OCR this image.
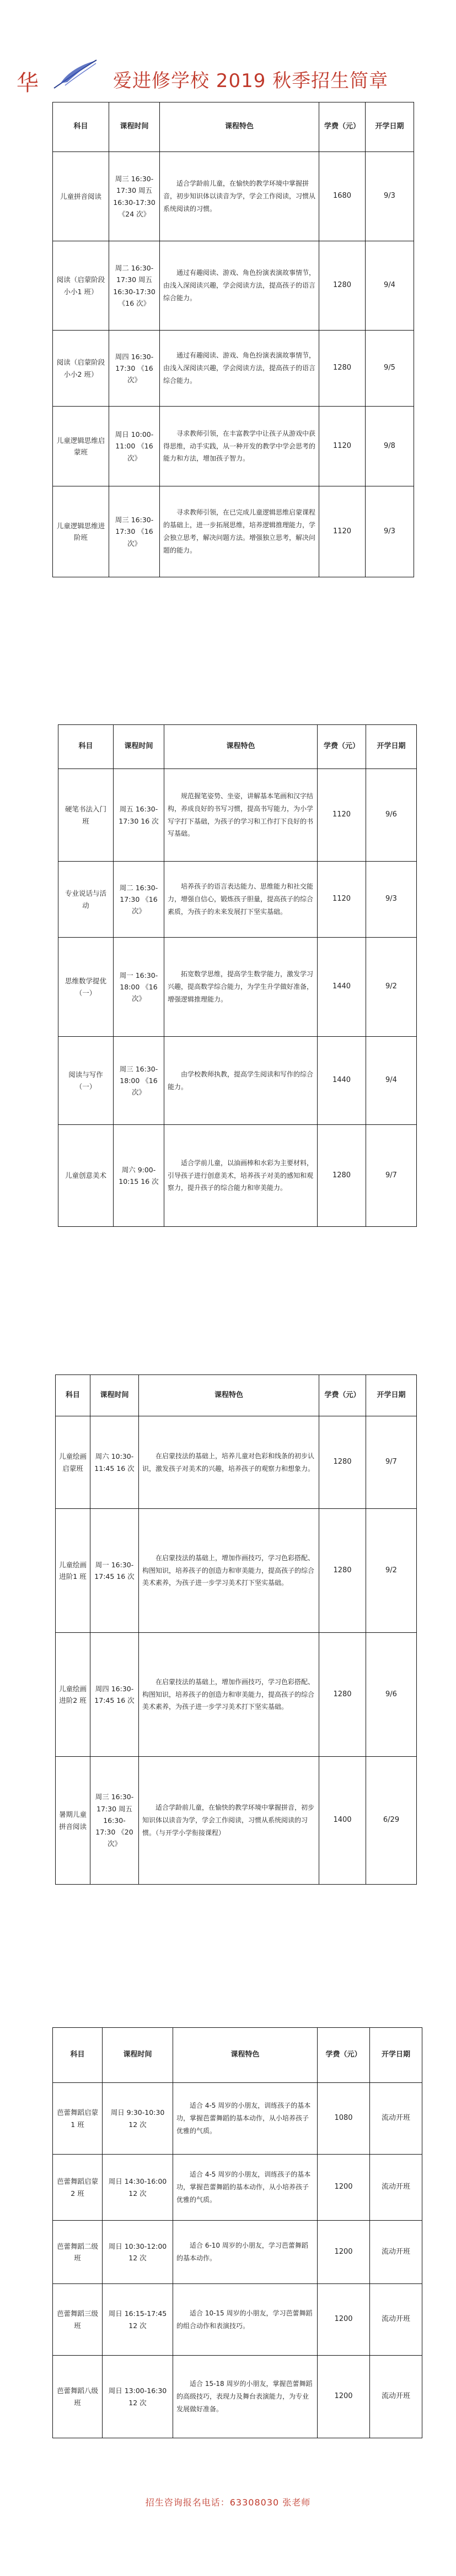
华	爱进修学校 2019 秋季招生简章
科目	课程时间	课程特色	学费（元）	开学日期
儿童拼音阅读	周三 16:30-17:30 周五 16:30-17:30 《24 次》	适合学龄前儿童，在愉快的教学环境中掌握拼音，初步知识体以读音为学，学会工作阅读，习惯从系统阅读的习惯。	1680	9/3
阅读（启蒙阶段小小1 班）	周二 16:30-17:30 周五 16:30-17:30 《16 次》	通过有趣阅读、游戏、角色扮演表演故事情节，由浅入深阅读兴趣，学会阅读方法，提高孩子的语言综合能力。	1280	9/4
阅读（启蒙阶段小小2 班）	周四 16:30-17:30 《16 次》	通过有趣阅读、游戏、角色扮演表演故事情节，由浅入深阅读兴趣，学会阅读方法，提高孩子的语言综合能力。	1280	9/5
儿童逻辑思维启蒙班	周日 10:00-11:00 《16 次》	寻求教师引领，在丰富教学中让孩子从游戏中获得思维，动手实践，从一种开发的教学中学会思考的能力和方法，增加孩子智力。	1120	9/8
儿童逻辑思维进阶班	周三 16:30-17:30 《16 次》	寻求教师引领，在已完成儿童逻辑思维启蒙课程的基础上，进一步拓展思维，培养逻辑推理能力，学会独立思考，解决问题方法。增强独立思考，解决问题的能力。	1120	9/3
科目	课程时间	课程特色	学费（元）	开学日期
硬笔书法入门班	周五 16:30-17:30 16 次	规范握笔姿势、坐姿，讲解基本笔画和汉字结构，养成良好的书写习惯，提高书写能力，为小学写字打下基础，为孩子的学习和工作打下良好的书写基础。	1120	9/6
专业说话与活动	周二 16:30-17:30 《16 次》	培养孩子的语言表达能力、思维能力和社交能力，增强自信心，锻炼孩子胆量，提高孩子的综合素质，为孩子的未来发展打下坚实基础。	1120	9/3
思维数学提优（一）	周一 16:30-18:00 《16 次》	拓宽数学思维，提高学生数学能力，激发学习兴趣，提高数学综合能力，为学生升学做好准备，增强逻辑推理能力。	1440	9/2
阅读与写作（一）	周三 16:30-18:00 《16 次》	由学校教师执教，提高学生阅读和写作的综合能力。	1440	9/4
儿童创意美术	周六 9:00-10:15 16 次	适合学前儿童，以油画棒和水彩为主要材料，引导孩子进行创意美术，培养孩子对美的感知和观察力，提升孩子的综合能力和审美能力。	1280	9/7
科目	课程时间	课程特色	学费（元）	开学日期
儿童绘画启蒙班	周六 10:30-11:45 16 次	在启蒙技法的基础上，培养儿童对色彩和线条的初步认识，激发孩子对美术的兴趣，培养孩子的观察力和想象力。	1280	9/7
儿童绘画进阶1 班	周一 16:30-17:45 16 次	在启蒙技法的基础上，增加作画技巧，学习色彩搭配、构图知识，培养孩子的创造力和审美能力，提高孩子的综合美术素养，为孩子进一步学习美术打下坚实基础。	1280	9/2
儿童绘画进阶2 班	周四 16:30-17:45 16 次	在启蒙技法的基础上，增加作画技巧，学习色彩搭配、构图知识，培养孩子的创造力和审美能力，提高孩子的综合美术素养，为孩子进一步学习美术打下坚实基础。	1280	9/6
暑期儿童拼音阅读	周三 16:30-17:30 周五 16:30-17:30 《20 次》	适合学龄前儿童，在愉快的教学环境中掌握拼音，初步知识体以读音为学，学会工作阅读，习惯从系统阅读的习惯。（与开学小学衔接课程）	1400	6/29
科目	课程时间	课程特色	学费（元）	开学日期
芭蕾舞蹈启蒙1 班	周日 9:30-10:30 12 次	适合 4-5 周岁的小朋友，训练孩子的基本功，掌握芭蕾舞蹈的基本动作，从小培养孩子优雅的气质。	1080	流动开班
芭蕾舞蹈启蒙2 班	周日 14:30-16:00 12 次	适合 4-5 周岁的小朋友，训练孩子的基本功，掌握芭蕾舞蹈的基本动作，从小培养孩子优雅的气质。	1200	流动开班
芭蕾舞蹈二级班	周日 10:30-12:00 12 次	适合 6-10 周岁的小朋友，学习芭蕾舞蹈的基本动作。	1200	流动开班
芭蕾舞蹈三级班	周日 16:15-17:45 12 次	适合 10-15 周岁的小朋友，学习芭蕾舞蹈的组合动作和表演技巧。	1200	流动开班
芭蕾舞蹈八级班	周日 13:00-16:30 12 次	适合 15-18 周岁的小朋友，掌握芭蕾舞蹈的高级技巧，表现力及舞台表演能力，为专业发展做好准备。	1200	流动开班
招生咨询报名电话：63308030 张老师
